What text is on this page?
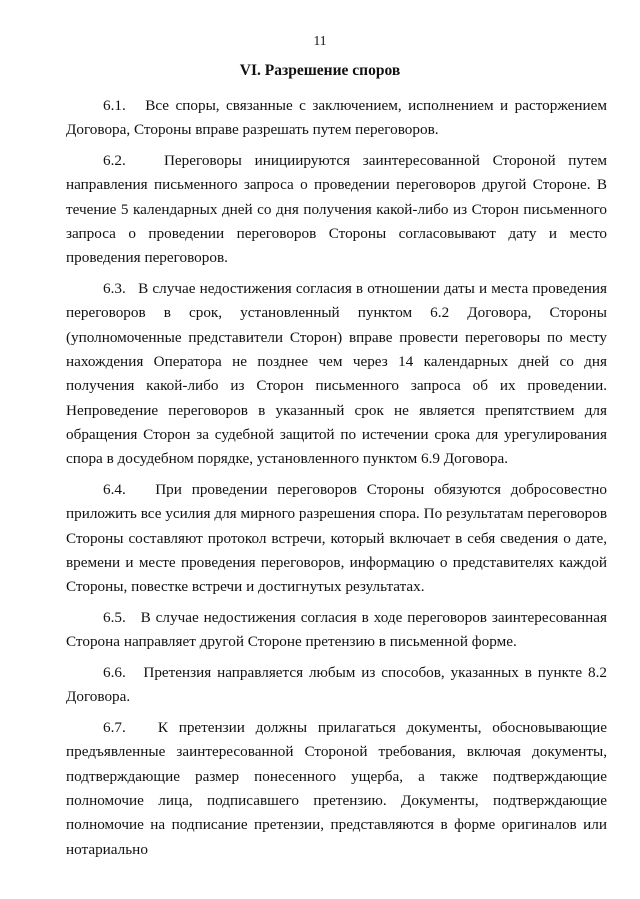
11
VI. Разрешение споров

6.1. Все споры, связанные с заключением, исполнением и расторжением Договора, Стороны вправе разрешать путем переговоров.

6.2.	Переговоры инициируются заинтересованной Стороной путем направления письменного запроса о проведении переговоров другой Стороне. В течение 5 календарных дней со дня получения какой-либо из Сторон письменного запроса о проведении переговоров Стороны согласовывают дату и место проведения переговоров.

6.3. В случае недостижения согласия в отношении даты и места проведения переговоров в срок, установленный пунктом 6.2 Договора, Стороны (уполномоченные представители Сторон) вправе провести переговоры по месту нахождения Оператора не позднее чем через 14 календарных дней со дня получения какой-либо из Сторон письменного запроса об их проведении. Непроведение переговоров в указанный срок не является препятствием для обращения Сторон за судебной защитой по истечении срока для урегулирования спора в досудебном порядке, установленного пунктом 6.9 Договора.

6.4. При проведении переговоров Стороны обязуются добросовестно приложить все усилия для мирного разрешения спора. По результатам переговоров Стороны составляют протокол встречи, который включает в себя сведения о дате, времени и месте проведения переговоров, информацию о представителях каждой Стороны, повестке встречи и достигнутых результатах.

6.5. В случае недостижения согласия в ходе переговоров заинтересованная Сторона направляет другой Стороне претензию в письменной форме.

6.6. Претензия направляется любым из способов, указанных в пункте 8.2 Договора.

6.7. К претензии должны прилагаться документы, обосновывающие предъявленные заинтересованной Стороной требования, включая документы, подтверждающие размер понесенного ущерба, а также подтверждающие полномочие лица, подписавшего претензию. Документы, подтверждающие полномочие на подписание претензии, представляются в форме оригиналов или нотариально
